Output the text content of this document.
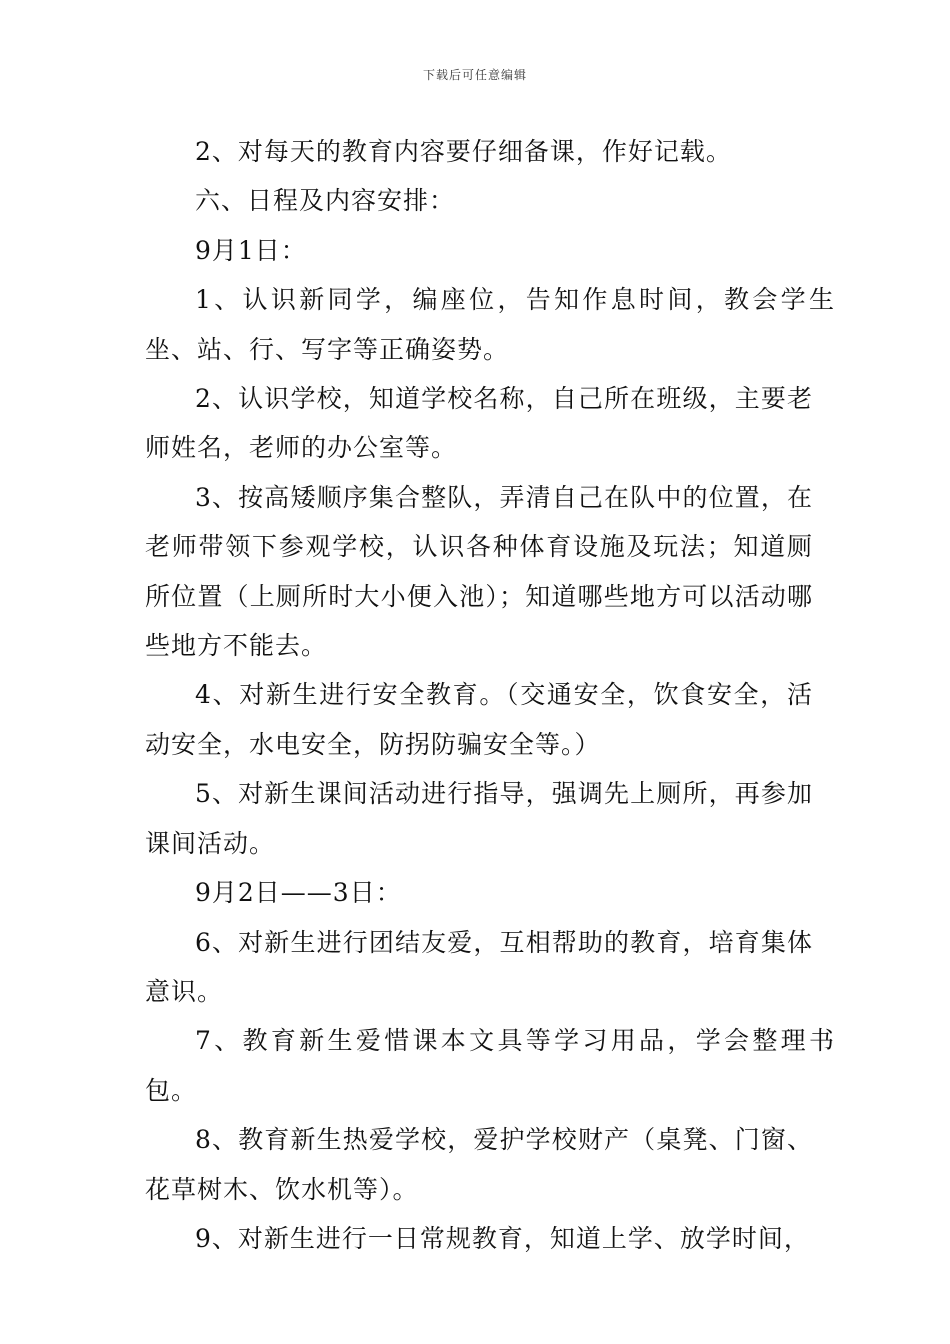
下载后可任意编辑

2、对每天的教育内容要仔细备课，作好记载。

六、日程及内容安排：

9月1日：

1、认识新同学，编座位，告知作息时间，教会学生坐、站、行、写字等正确姿势。

2、认识学校，知道学校名称，自己所在班级，主要老师姓名，老师的办公室等。

3、按高矮顺序集合整队，弄清自己在队中的位置，在老师带领下参观学校，认识各种体育设施及玩法；知道厕所位置（上厕所时大小便入池）；知道哪些地方可以活动哪些地方不能去。

4、对新生进行安全教育。（交通安全，饮食安全，活动安全，水电安全，防拐防骗安全等。）

5、对新生课间活动进行指导，强调先上厕所，再参加课间活动。

9月2日——3日：

6、对新生进行团结友爱，互相帮助的教育，培育集体意识。

7、教育新生爱惜课本文具等学习用品，学会整理书包。

8、教育新生热爱学校，爱护学校财产（桌凳、门窗、花草树木、饮水机等）。

9、对新生进行一日常规教育，知道上学、放学时间，
